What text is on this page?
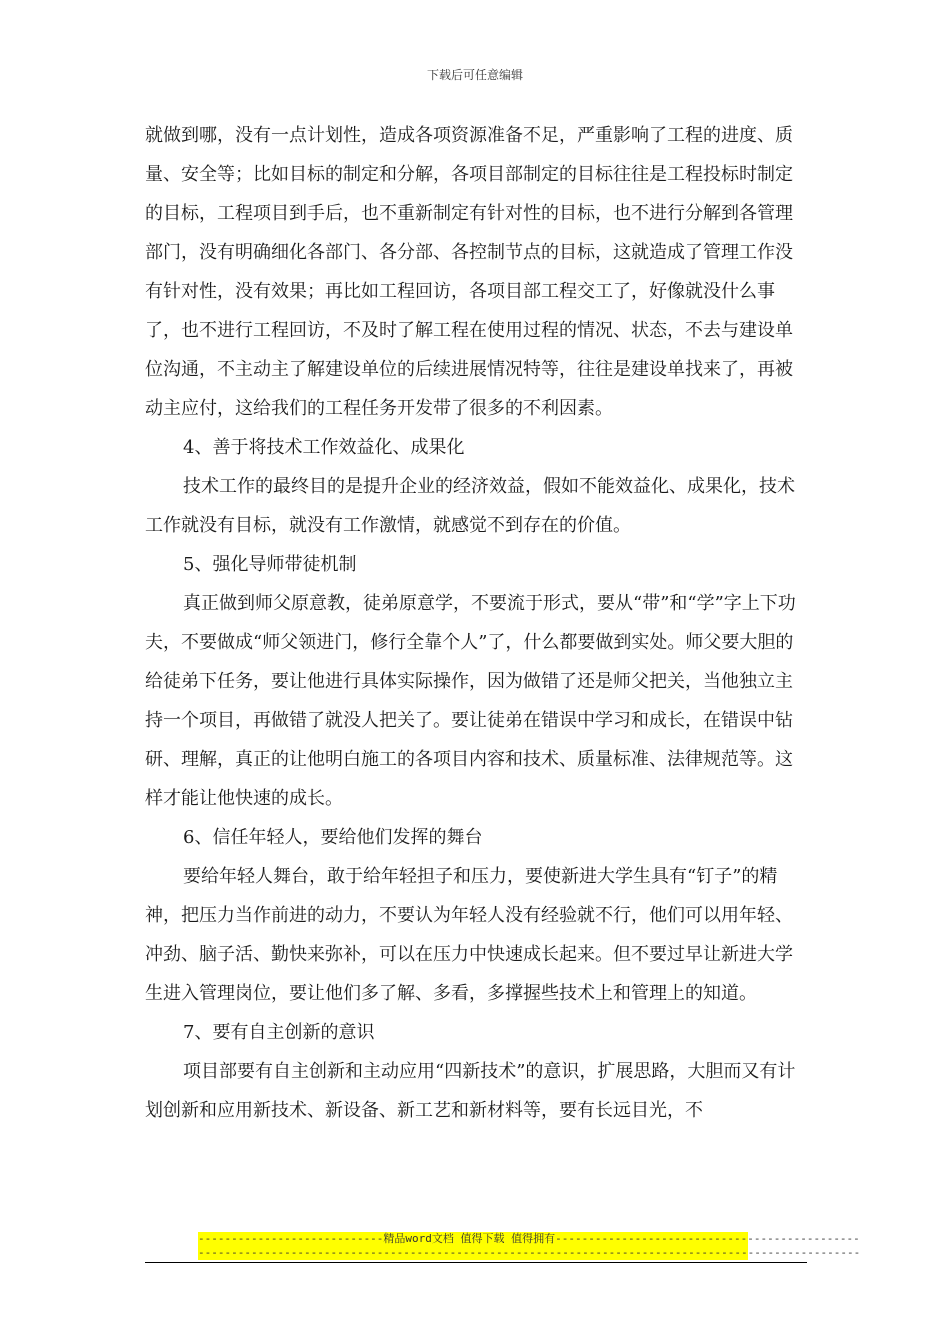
下载后可任意编辑

就做到哪，没有一点计划性，造成各项资源准备不足，严重影响了工程的进度、质量、安全等；比如目标的制定和分解，各项目部制定的目标往往是工程投标时制定的目标，工程项目到手后，也不重新制定有针对性的目标，也不进行分解到各管理部门，没有明确细化各部门、各分部、各控制节点的目标，这就造成了管理工作没有针对性，没有效果；再比如工程回访，各项目部工程交工了，好像就没什么事了，也不进行工程回访，不及时了解工程在使用过程的情况、状态，不去与建设单位沟通，不主动主了解建设单位的后续进展情况特等，往往是建设单找来了，再被动主应付，这给我们的工程任务开发带了很多的不利因素。

4、善于将技术工作效益化、成果化

技术工作的最终目的是提升企业的经济效益，假如不能效益化、成果化，技术工作就没有目标，就没有工作激情，就感觉不到存在的价值。

5、强化导师带徒机制

真正做到师父原意教，徒弟原意学，不要流于形式，要从“带”和“学”字上下功夫，不要做成“师父领进门，修行全靠个人”了，什么都要做到实处。师父要大胆的给徒弟下任务，要让他进行具体实际操作，因为做错了还是师父把关，当他独立主持一个项目，再做错了就没人把关了。要让徒弟在错误中学习和成长，在错误中钻研、理解，真正的让他明白施工的各项目内容和技术、质量标准、法律规范等。这样才能让他快速的成长。

6、信任年轻人，要给他们发挥的舞台

要给年轻人舞台，敢于给年轻担子和压力，要使新进大学生具有“钉子”的精神，把压力当作前进的动力，不要认为年轻人没有经验就不行，他们可以用年轻、冲劲、脑子活、勤快来弥补，可以在压力中快速成长起来。但不要过早让新进大学生进入管理岗位，要让他们多了解、多看，多撑握些技术上和管理上的知道。

7、要有自主创新的意识

项目部要有自主创新和主动应用“四新技术”的意识，扩展思路，大胆而又有计划创新和应用新技术、新设备、新工艺和新材料等，要有长远目光，不

----------------------------精品word文档 值得下载 值得拥有----------------------------------------------
----------------------------------------------------------------------------------------------------
